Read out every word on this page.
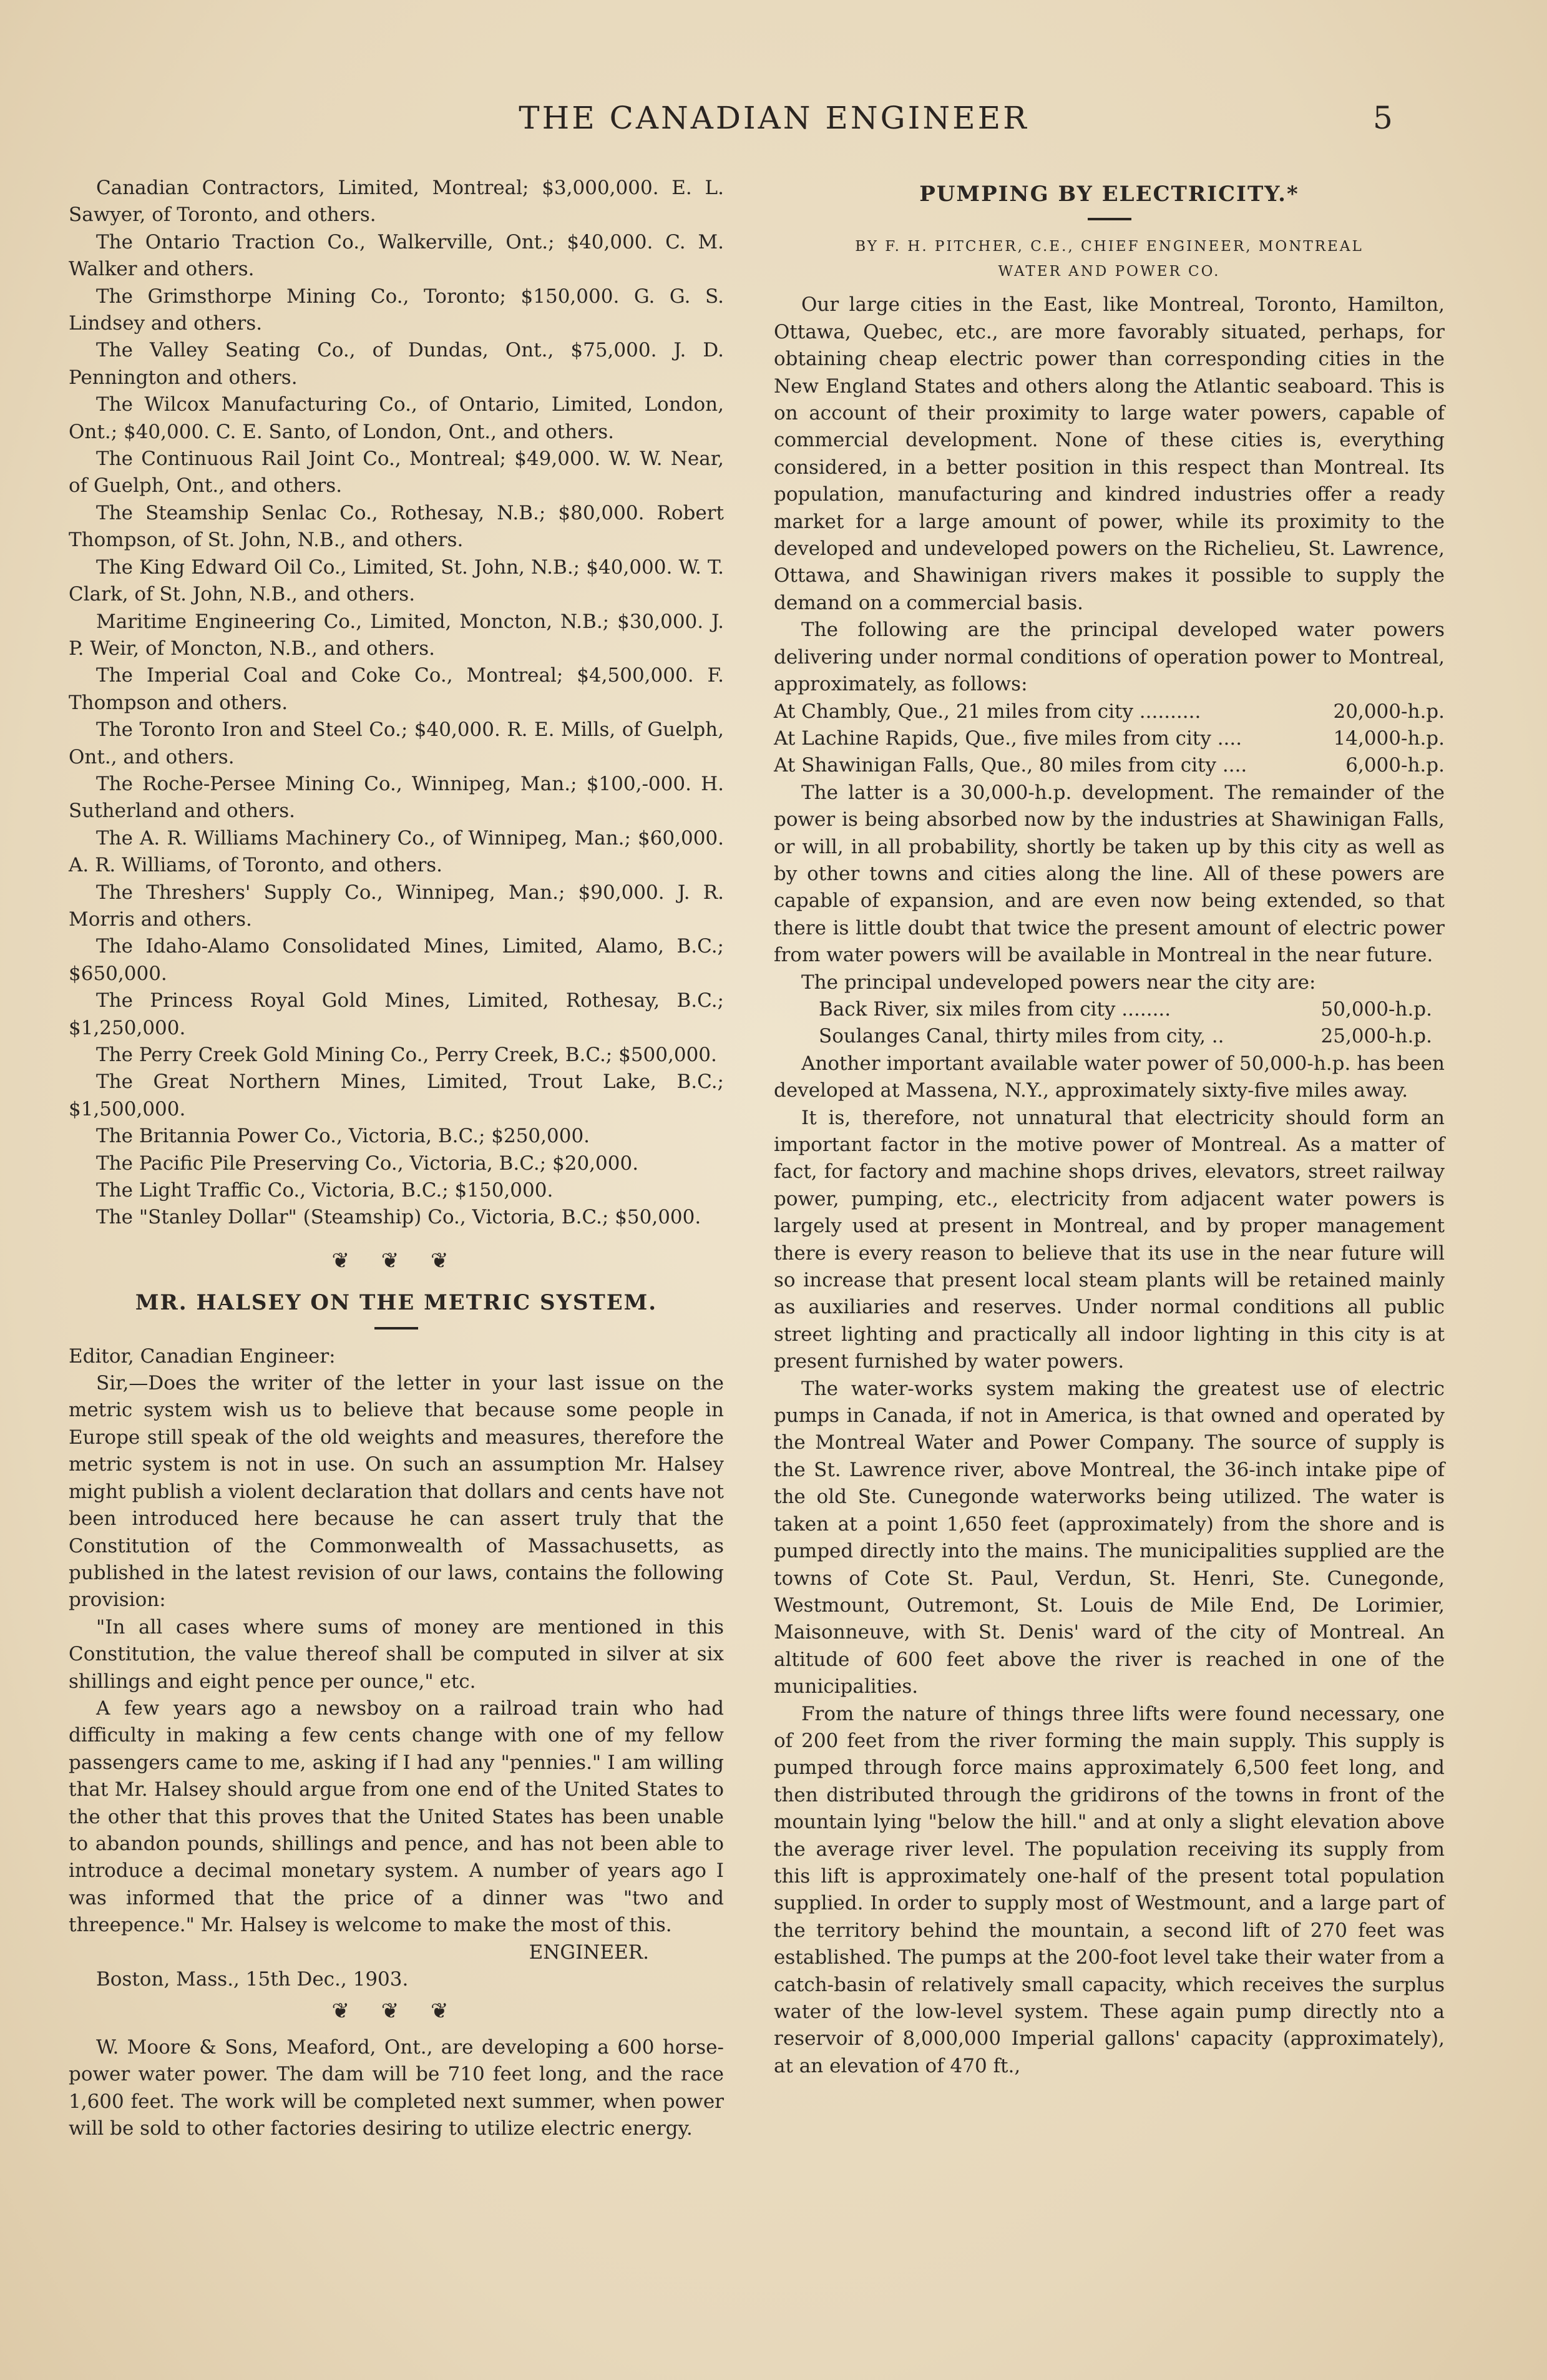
THE CANADIAN ENGINEER	5

Canadian Contractors, Limited, Montreal; $3,000,000. E. L. Sawyer, of Toronto, and others.

The Ontario Traction Co., Walkerville, Ont.; $40,000. C. M. Walker and others.

The Grimsthorpe Mining Co., Toronto; $150,000. G. G. S. Lindsey and others.

The Valley Seating Co., of Dundas, Ont., $75,000. J. D. Pennington and others.

The Wilcox Manufacturing Co., of Ontario, Limited, London, Ont.; $40,000. C. E. Santo, of London, Ont., and others.

The Continuous Rail Joint Co., Montreal; $49,000. W. W. Near, of Guelph, Ont., and others.

The Steamship Senlac Co., Rothesay, N.B.; $80,000. Robert Thompson, of St. John, N.B., and others.

The King Edward Oil Co., Limited, St. John, N.B.; $40,000. W. T. Clark, of St. John, N.B., and others.

Maritime Engineering Co., Limited, Moncton, N.B.; $30,000. J. P. Weir, of Moncton, N.B., and others.

The Imperial Coal and Coke Co., Montreal; $4,500,000. F. Thompson and others.

The Toronto Iron and Steel Co.; $40,000. R. E. Mills, of Guelph, Ont., and others.

The Roche-Persee Mining Co., Winnipeg, Man.; $100,-000. H. Sutherland and others.

The A. R. Williams Machinery Co., of Winnipeg, Man.; $60,000. A. R. Williams, of Toronto, and others.

The Threshers' Supply Co., Winnipeg, Man.; $90,000. J. R. Morris and others.

The Idaho-Alamo Consolidated Mines, Limited, Alamo, B.C.; $650,000.

The Princess Royal Gold Mines, Limited, Rothesay, B.C.; $1,250,000.

The Perry Creek Gold Mining Co., Perry Creek, B.C.; $500,000.

The Great Northern Mines, Limited, Trout Lake, B.C.; $1,500,000.

The Britannia Power Co., Victoria, B.C.; $250,000.

The Pacific Pile Preserving Co., Victoria, B.C.; $20,000.

The Light Traffic Co., Victoria, B.C.; $150,000.

The "Stanley Dollar" (Steamship) Co., Victoria, B.C.; $50,000.

❦ ❦ ❦
MR. HALSEY ON THE METRIC SYSTEM.

Editor, Canadian Engineer:

Sir,—Does the writer of the letter in your last issue on the metric system wish us to believe that because some people in Europe still speak of the old weights and measures, therefore the metric system is not in use. On such an assumption Mr. Halsey might publish a violent declaration that dollars and cents have not been introduced here because he can assert truly that the Constitution of the Commonwealth of Massachusetts, as published in the latest revision of our laws, contains the following provision:

"In all cases where sums of money are mentioned in this Constitution, the value thereof shall be computed in silver at six shillings and eight pence per ounce," etc.

A few years ago a newsboy on a railroad train who had difficulty in making a few cents change with one of my fellow passengers came to me, asking if I had any "pennies." I am willing that Mr. Halsey should argue from one end of the United States to the other that this proves that the United States has been unable to abandon pounds, shillings and pence, and has not been able to introduce a decimal monetary system. A number of years ago I was informed that the price of a dinner was "two and threepence." Mr. Halsey is welcome to make the most of this.

ENGINEER.

Boston, Mass., 15th Dec., 1903.

❦ ❦ ❦

W. Moore & Sons, Meaford, Ont., are developing a 600 horse-power water power. The dam will be 710 feet long, and the race 1,600 feet. The work will be completed next summer, when power will be sold to other factories desiring to utilize electric energy.

PUMPING BY ELECTRICITY.*
BY F. H. PITCHER, C.E., CHIEF ENGINEER, MONTREAL
WATER AND POWER CO.

Our large cities in the East, like Montreal, Toronto, Hamilton, Ottawa, Quebec, etc., are more favorably situated, perhaps, for obtaining cheap electric power than corresponding cities in the New England States and others along the Atlantic seaboard. This is on account of their proximity to large water powers, capable of commercial development. None of these cities is, everything considered, in a better position in this respect than Montreal. Its population, manufacturing and kindred industries offer a ready market for a large amount of power, while its proximity to the developed and undeveloped powers on the Richelieu, St. Lawrence, Ottawa, and Shawinigan rivers makes it possible to supply the demand on a commercial basis.

The following are the principal developed water powers delivering under normal conditions of operation power to Montreal, approximately, as follows:

At Chambly, Que., 21 miles from city ..........	20,000-h.p.
At Lachine Rapids, Que., five miles from city ....	14,000-h.p.
At Shawinigan Falls, Que., 80 miles from city ....	6,000-h.p.

The latter is a 30,000-h.p. development. The remainder of the power is being absorbed now by the industries at Shawinigan Falls, or will, in all probability, shortly be taken up by this city as well as by other towns and cities along the line. All of these powers are capable of expansion, and are even now being extended, so that there is little doubt that twice the present amount of electric power from water powers will be available in Montreal in the near future.

The principal undeveloped powers near the city are:

Back River, six miles from city ........	50,000-h.p.
Soulanges Canal, thirty miles from city, ..	25,000-h.p.

Another important available water power of 50,000-h.p. has been developed at Massena, N.Y., approximately sixty-five miles away.

It is, therefore, not unnatural that electricity should form an important factor in the motive power of Montreal. As a matter of fact, for factory and machine shops drives, elevators, street railway power, pumping, etc., electricity from adjacent water powers is largely used at present in Montreal, and by proper management there is every reason to believe that its use in the near future will so increase that present local steam plants will be retained mainly as auxiliaries and reserves. Under normal conditions all public street lighting and practically all indoor lighting in this city is at present furnished by water powers.

The water-works system making the greatest use of electric pumps in Canada, if not in America, is that owned and operated by the Montreal Water and Power Company. The source of supply is the St. Lawrence river, above Montreal, the 36-inch intake pipe of the old Ste. Cunegonde waterworks being utilized. The water is taken at a point 1,650 feet (approximately) from the shore and is pumped directly into the mains. The municipalities supplied are the towns of Cote St. Paul, Verdun, St. Henri, Ste. Cunegonde, Westmount, Outremont, St. Louis de Mile End, De Lorimier, Maisonneuve, with St. Denis' ward of the city of Montreal. An altitude of 600 feet above the river is reached in one of the municipalities.

From the nature of things three lifts were found necessary, one of 200 feet from the river forming the main supply. This supply is pumped through force mains approximately 6,500 feet long, and then distributed through the gridirons of the towns in front of the mountain lying "below the hill." and at only a slight elevation above the average river level. The population receiving its supply from this lift is approximately one-half of the present total population supplied. In order to supply most of Westmount, and a large part of the territory behind the mountain, a second lift of 270 feet was established. The pumps at the 200-foot level take their water from a catch-basin of relatively small capacity, which receives the surplus water of the low-level system. These again pump directly nto a reservoir of 8,000,000 Imperial gallons' capacity (approximately), at an elevation of 470 ft.,
